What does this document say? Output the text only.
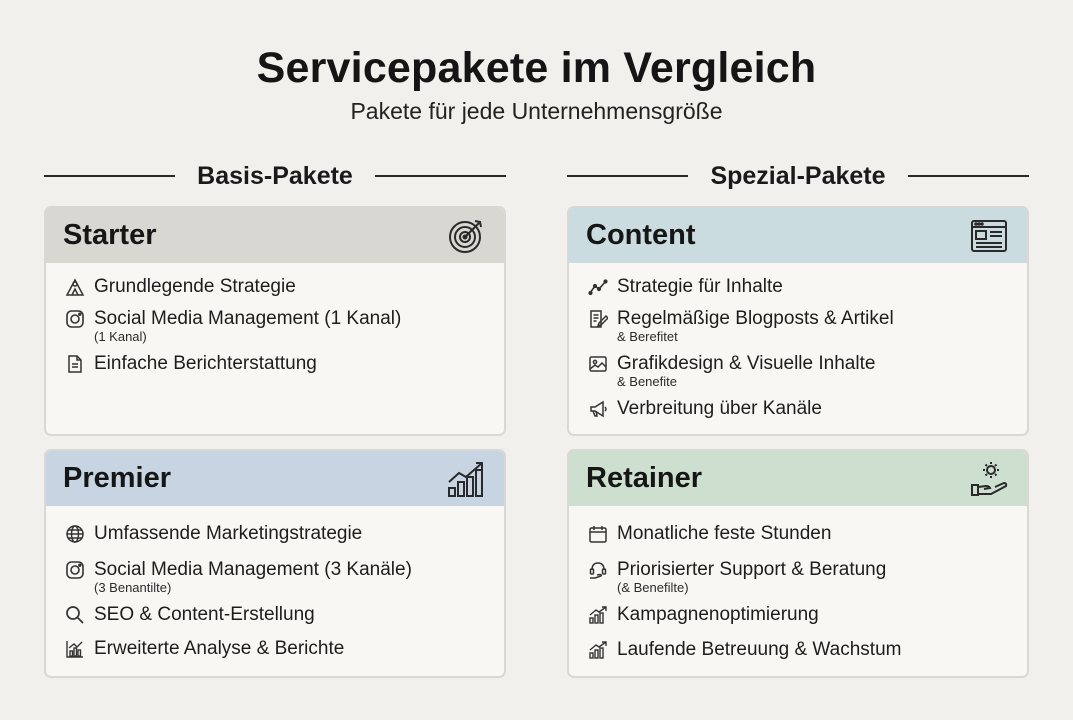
Servicepakete im Vergleich
Pakete für jede Unternehmensgröße
Basis-Pakete	Spezial-Pakete
Starter
Grundlegende Strategie
Social Media Management (1 Kanal)
(1 Kanal)
Einfache Berichterstattung
Premier
Umfassende Marketingstrategie
Social Media Management (3 Kanäle)
(3 Benantilte)
SEO & Content-Erstellung
Erweiterte Analyse & Berichte
Content
Strategie für Inhalte
Regelmäßige Blogposts & Artikel
& Berefitet
Grafikdesign & Visuelle Inhalte
& Benefite
Verbreitung über Kanäle
Retainer
Monatliche feste Stunden
Priorisierter Support & Beratung
(& Benefilte)
Kampagnenoptimierung
Laufende Betreuung & Wachstum
